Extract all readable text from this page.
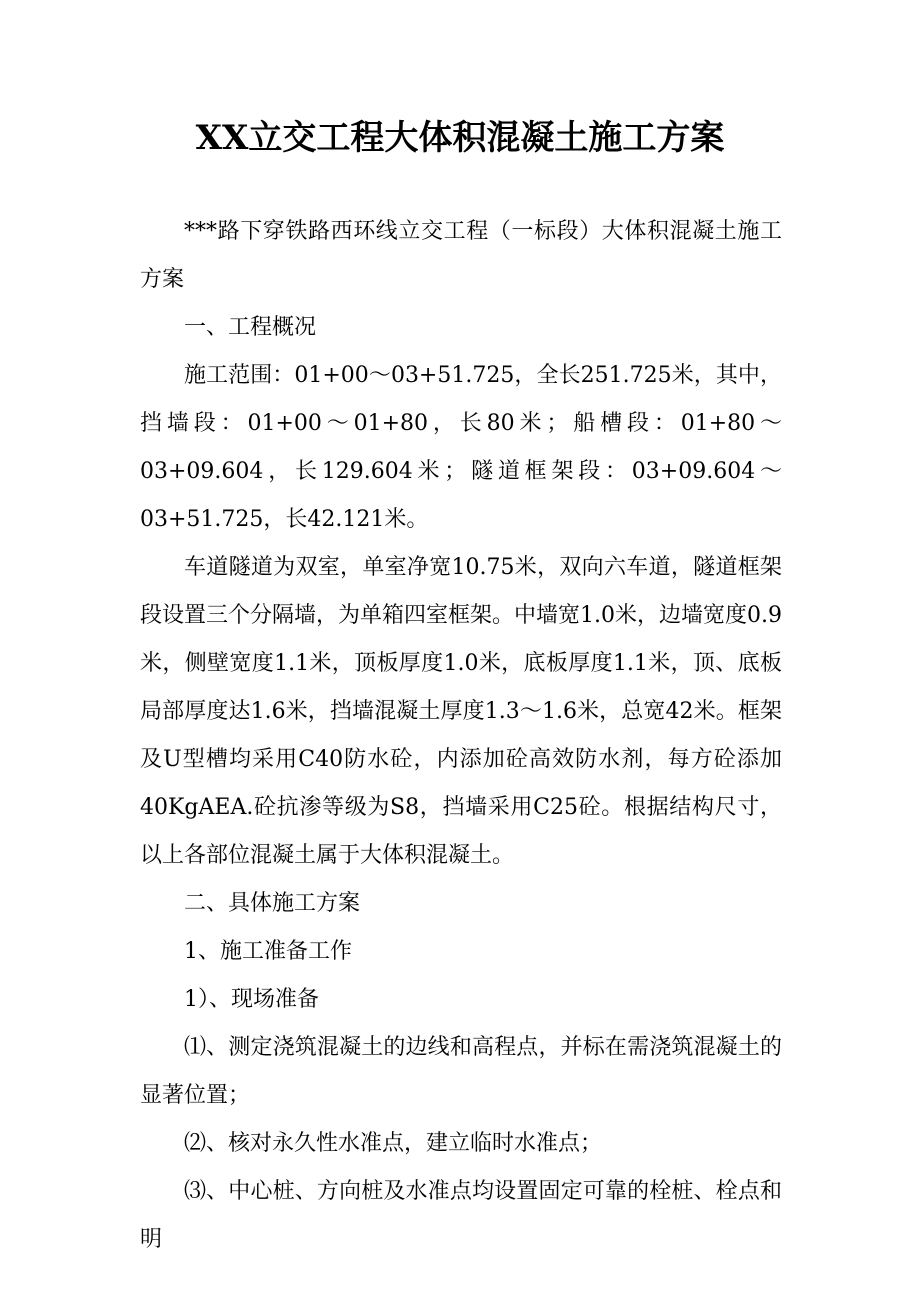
XX立交工程大体积混凝土施工方案

***路下穿铁路西环线立交工程（一标段）大体积混凝土施工方案

一、工程概况

施工范围：01+00～03+51.725，全长251.725米，其中，挡墙段：01+00～01+80，长80米；船槽段：01+80～03+09.604，长129.604米；隧道框架段：03+09.604～03+51.725，长42.121米。

车道隧道为双室，单室净宽10.75米，双向六车道，隧道框架段设置三个分隔墙，为单箱四室框架。中墙宽1.0米，边墙宽度0.9米，侧壁宽度1.1米，顶板厚度1.0米，底板厚度1.1米，顶、底板局部厚度达1.6米，挡墙混凝土厚度1.3～1.6米，总宽42米。框架及U型槽均采用C40防水砼，内添加砼高效防水剂，每方砼添加40KgAEA.砼抗渗等级为S8，挡墙采用C25砼。根据结构尺寸，以上各部位混凝土属于大体积混凝土。

二、具体施工方案

1、施工准备工作

1）、现场准备

⑴、测定浇筑混凝土的边线和高程点，并标在需浇筑混凝土的显著位置；

⑵、核对永久性水准点，建立临时水准点；

⑶、中心桩、方向桩及水准点均设置固定可靠的栓桩、栓点和明
